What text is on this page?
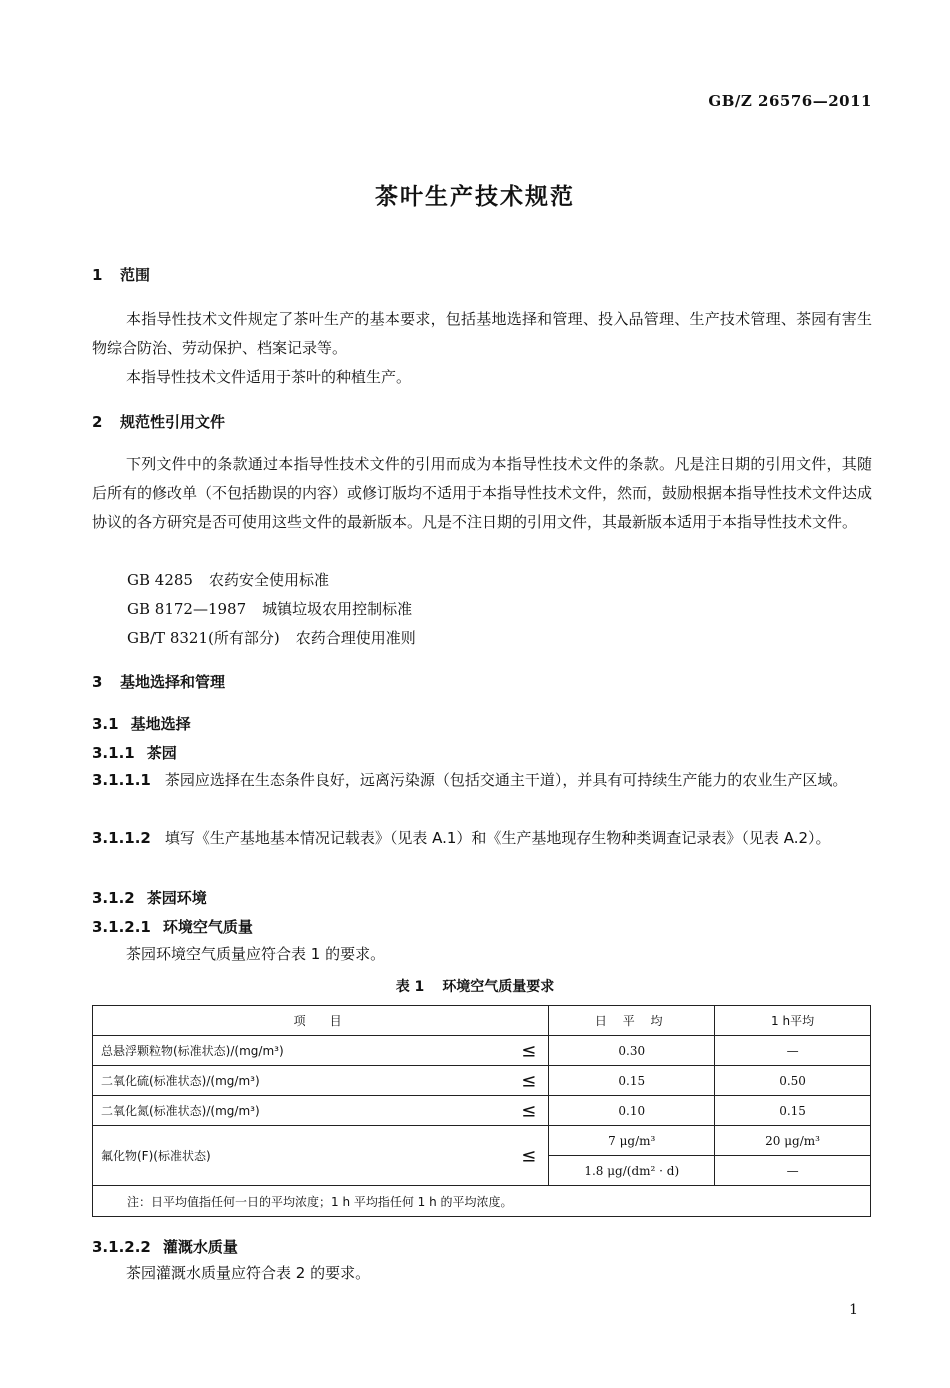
GB/Z 26576—2011
茶叶生产技术规范
1 范围
本指导性技术文件规定了茶叶生产的基本要求，包括基地选择和管理、投入品管理、生产技术管理、茶园有害生物综合防治、劳动保护、档案记录等。
本指导性技术文件适用于茶叶的种植生产。
2 规范性引用文件
下列文件中的条款通过本指导性技术文件的引用而成为本指导性技术文件的条款。凡是注日期的引用文件，其随后所有的修改单（不包括勘误的内容）或修订版均不适用于本指导性技术文件，然而，鼓励根据本指导性技术文件达成协议的各方研究是否可使用这些文件的最新版本。凡是不注日期的引用文件，其最新版本适用于本指导性技术文件。
GB 4285 农药安全使用标准
GB 8172—1987 城镇垃圾农用控制标准
GB/T 8321(所有部分) 农药合理使用准则
3 基地选择和管理
3.1 基地选择
3.1.1 茶园
3.1.1.1 茶园应选择在生态条件良好，远离污染源（包括交通主干道），并具有可持续生产能力的农业生产区域。
3.1.1.2 填写《生产基地基本情况记载表》（见表 A.1）和《生产基地现存生物种类调查记录表》（见表 A.2）。
3.1.2 茶园环境
3.1.2.1 环境空气质量
茶园环境空气质量应符合表 1 的要求。
表 1 环境空气质量要求
项　目	日 平 均	1 h平均
总悬浮颗粒物(标准状态)/(mg/m³) ≤	0.30	—
二氧化硫(标准状态)/(mg/m³) ≤	0.15	0.50
二氧化氮(标准状态)/(mg/m³) ≤	0.10	0.15
氟化物(F)(标准状态) ≤	7 μg/m³	20 μg/m³
	1.8 μg/(dm² · d)	—
注：日平均值指任何一日的平均浓度；1 h 平均指任何 1 h 的平均浓度。		
3.1.2.2 灌溉水质量
茶园灌溉水质量应符合表 2 的要求。
1
